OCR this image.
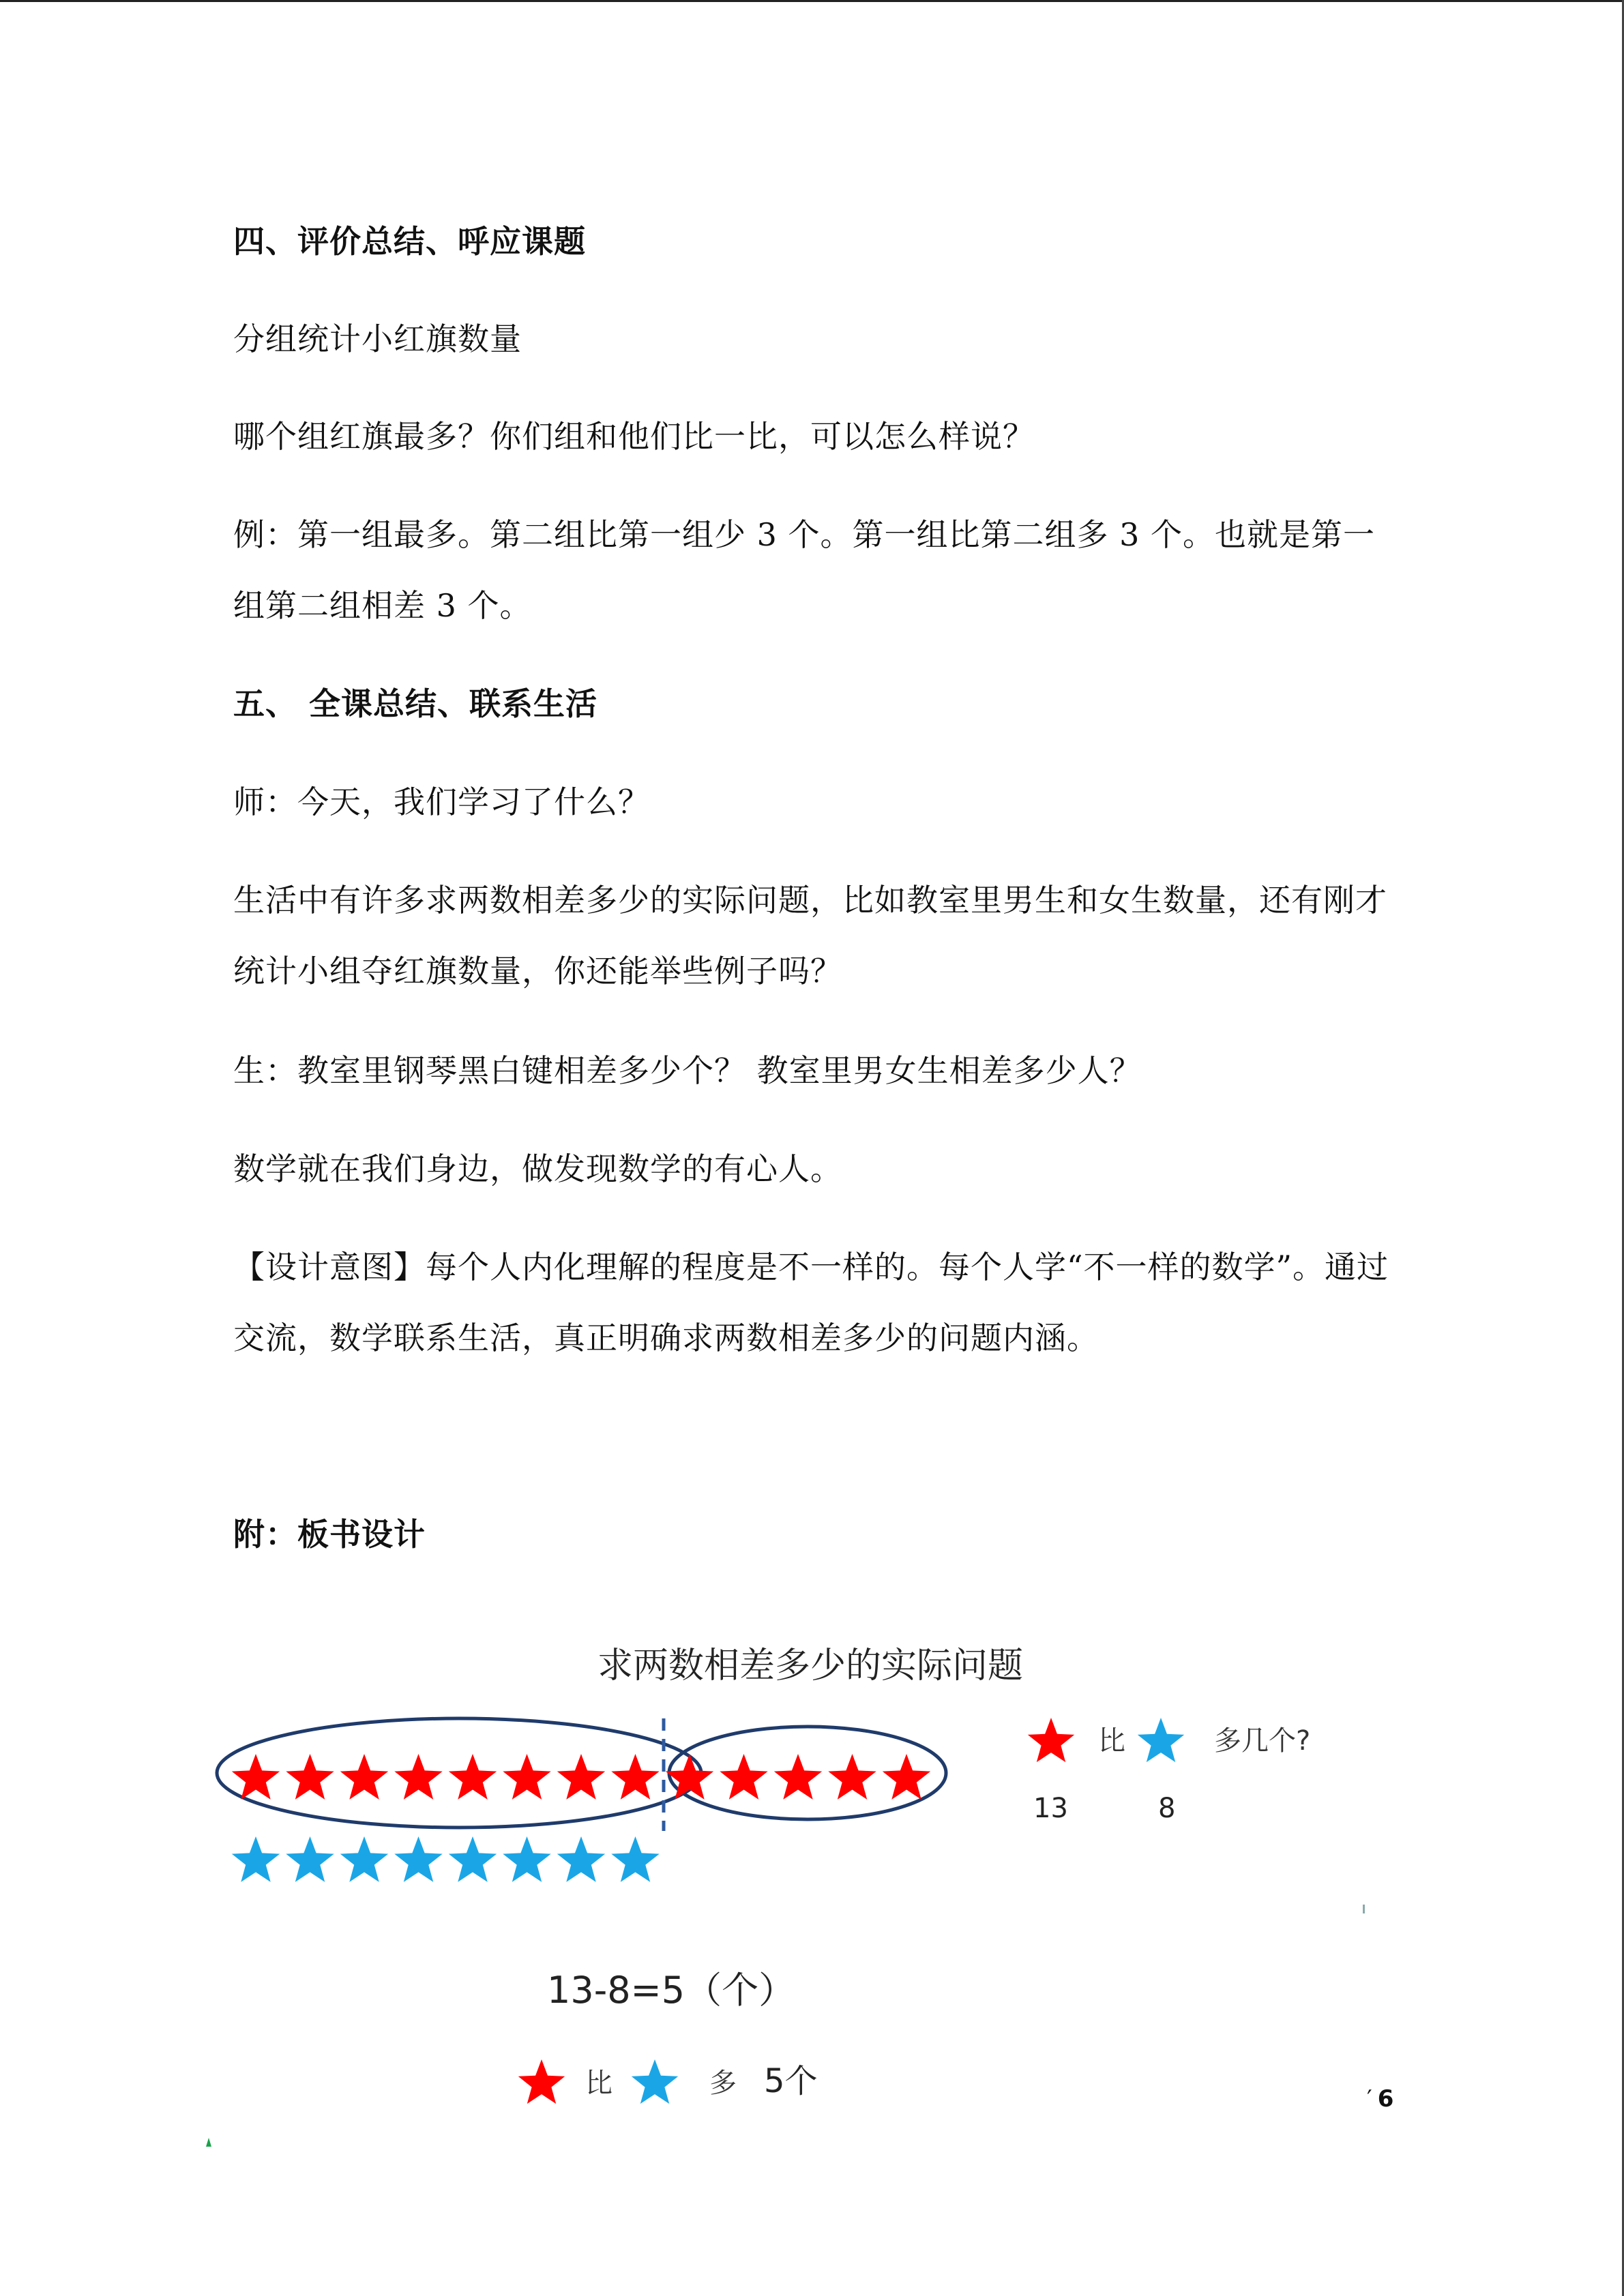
四、评价总结、呼应课题

分组统计小红旗数量

哪个组红旗最多？你们组和他们比一比，可以怎么样说？

例：第一组最多。第二组比第一组少 3 个。第一组比第二组多 3 个。也就是第一组第二组相差 3 个。

五、 全课总结、联系生活

师：今天，我们学习了什么？

生活中有许多求两数相差多少的实际问题，比如教室里男生和女生数量，还有刚才统计小组夺红旗数量，你还能举些例子吗？

生：教室里钢琴黑白键相差多少个？ 教室里男女生相差多少人？

数学就在我们身边，做发现数学的有心人。

【设计意图】每个人内化理解的程度是不一样的。每个人学“不一样的数学”。通过交流，数学联系生活，真正明确求两数相差多少的问题内涵。

附：板书设计

求两数相差多少的实际问题
比	多几个?
13	8
13-8=5（个）
比	多 5个	′ 6
